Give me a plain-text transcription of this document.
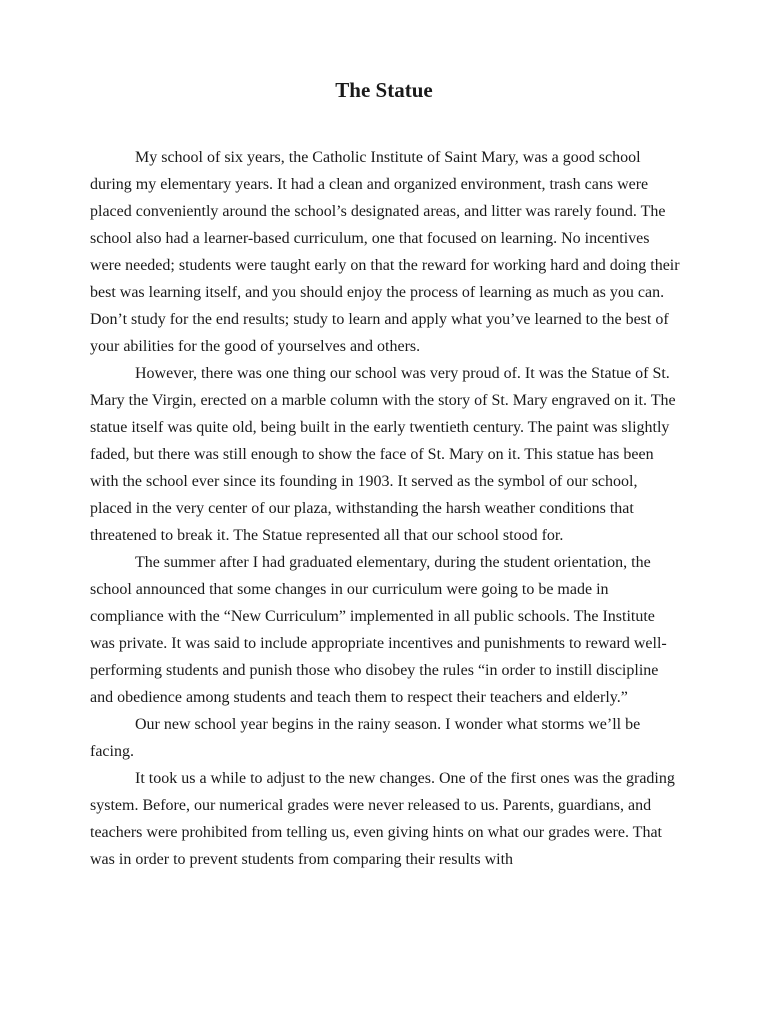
The Statue

My school of six years, the Catholic Institute of Saint Mary, was a good school during my elementary years. It had a clean and organized environment, trash cans were placed conveniently around the school’s designated areas, and litter was rarely found. The school also had a learner-based curriculum, one that focused on learning. No incentives were needed; students were taught early on that the reward for working hard and doing their best was learning itself, and you should enjoy the process of learning as much as you can. Don’t study for the end results; study to learn and apply what you’ve learned to the best of your abilities for the good of yourselves and others.

However, there was one thing our school was very proud of. It was the Statue of St. Mary the Virgin, erected on a marble column with the story of St. Mary engraved on it. The statue itself was quite old, being built in the early twentieth century. The paint was slightly faded, but there was still enough to show the face of St. Mary on it. This statue has been with the school ever since its founding in 1903. It served as the symbol of our school, placed in the very center of our plaza, withstanding the harsh weather conditions that threatened to break it. The Statue represented all that our school stood for.

The summer after I had graduated elementary, during the student orientation, the school announced that some changes in our curriculum were going to be made in compliance with the “New Curriculum” implemented in all public schools. The Institute was private. It was said to include appropriate incentives and punishments to reward well-performing students and punish those who disobey the rules “in order to instill discipline and obedience among students and teach them to respect their teachers and elderly.”

Our new school year begins in the rainy season. I wonder what storms we’ll be facing.

It took us a while to adjust to the new changes. One of the first ones was the grading system. Before, our numerical grades were never released to us. Parents, guardians, and teachers were prohibited from telling us, even giving hints on what our grades were. That was in order to prevent students from comparing their results with
